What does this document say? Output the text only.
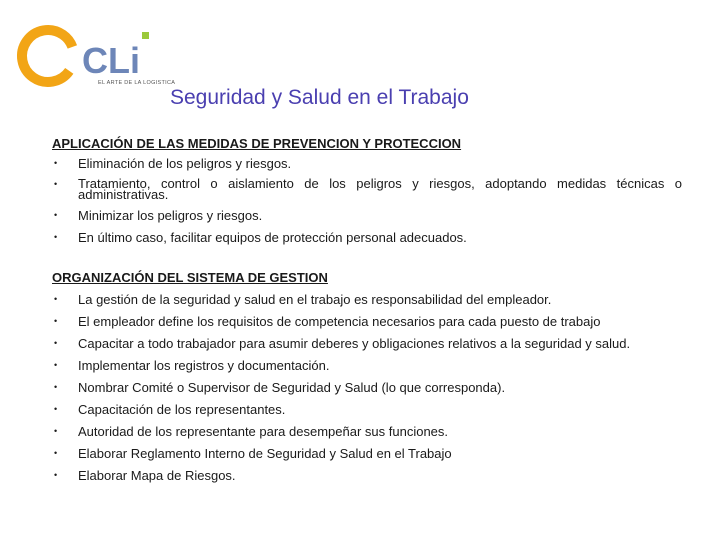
CLi
EL ARTE DE LA LOGISTICA
Seguridad y Salud en el Trabajo
APLICACIÓN DE LAS MEDIDAS DE PREVENCION Y PROTECCION
• Eliminación de los peligros y riesgos.
• Tratamiento, control o aislamiento de los peligros y riesgos, adoptando medidas técnicas o administrativas.
• Minimizar los peligros y riesgos.
• En último caso, facilitar equipos de protección personal adecuados.
ORGANIZACIÓN DEL SISTEMA DE GESTION
• La gestión de la seguridad y salud en el trabajo es responsabilidad del empleador.
• El empleador define los requisitos de competencia necesarios para cada puesto de trabajo
• Capacitar a todo trabajador para asumir deberes y obligaciones relativos a la seguridad y salud.
• Implementar los registros y documentación.
• Nombrar Comité o Supervisor de Seguridad y Salud (lo que corresponda).
• Capacitación de los representantes.
• Autoridad de los representante para desempeñar sus funciones.
• Elaborar Reglamento Interno de Seguridad y Salud en el Trabajo
• Elaborar Mapa de Riesgos.
